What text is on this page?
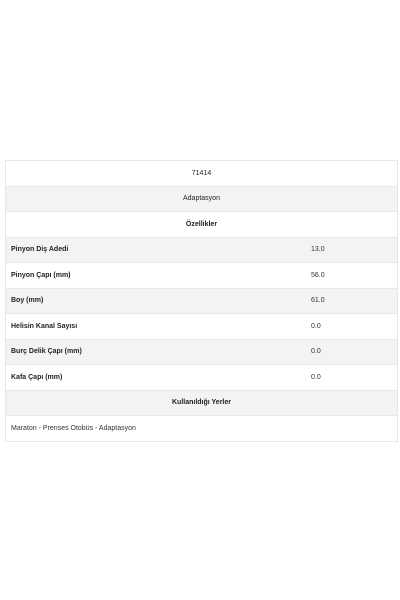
71414
Adaptasyon
Özellikler
Pinyon Diş Adedi	13.0
Pinyon Çapı (mm)	56.0
Boy (mm)	61.0
Helisin Kanal Sayısı	0.0
Burç Delik Çapı (mm)	0.0
Kafa Çapı (mm)	0.0
Kullanıldığı Yerler
Maraton - Prenses Otobüs - Adaptasyon
